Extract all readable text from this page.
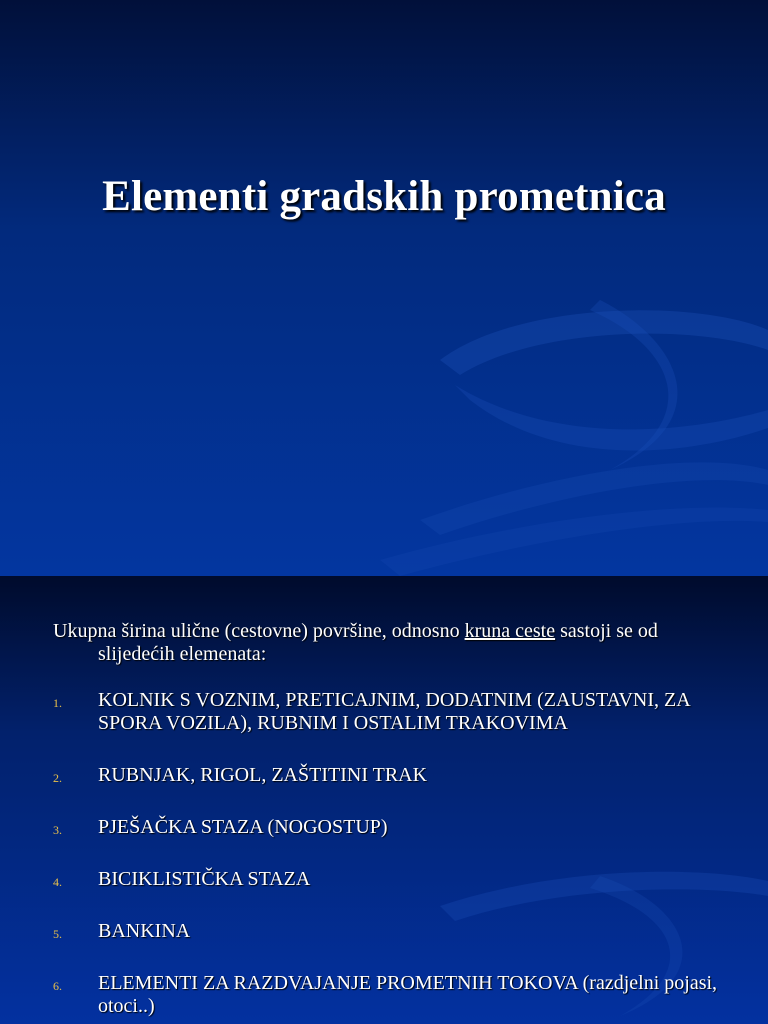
Elementi gradskih prometnica

Ukupna širina ulične (cestovne) površine, odnosno kruna ceste sastoji se od slijedećih elemenata:

1. KOLNIK S VOZNIM, PRETICAJNIM, DODATNIM (ZAUSTAVNI, ZA SPORA VOZILA), RUBNIM I OSTALIM TRAKOVIMA
2. RUBNJAK, RIGOL, ZAŠTITINI TRAK
3. PJEŠAČKA STAZA (NOGOSTUP)
4. BICIKLISTIČKA STAZA
5. BANKINA
6. ELEMENTI ZA RAZDVAJANJE PROMETNIH TOKOVA (razdjelni pojasi, otoci..)
